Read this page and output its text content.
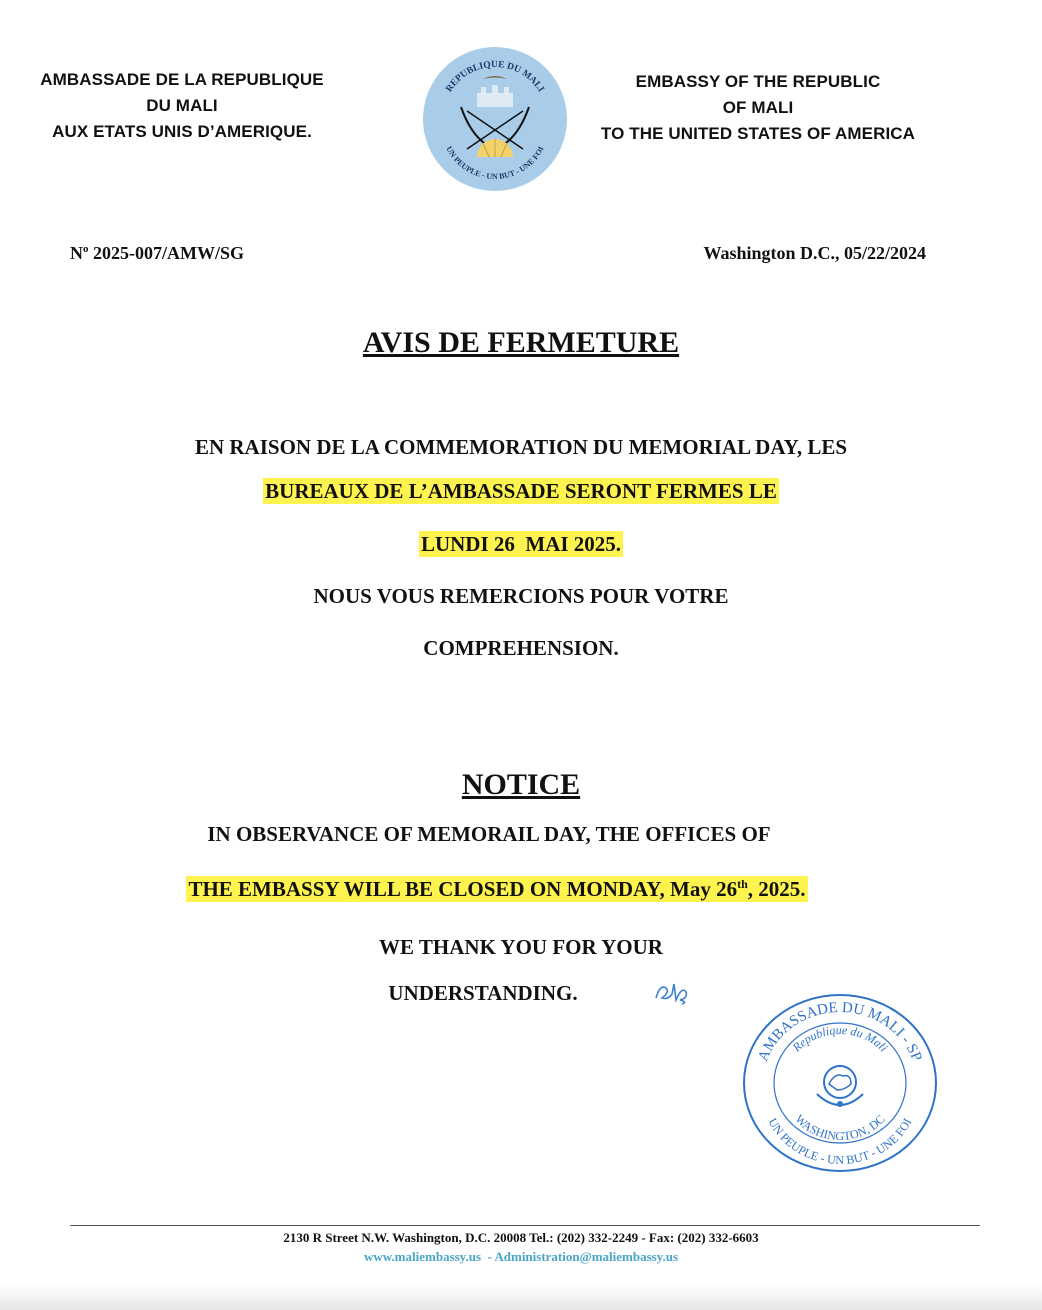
AMBASSADE DE LA REPUBLIQUE
DU MALI
AUX ETATS UNIS D’AMERIQUE.
REPUBLIQUE DU MALI
UN PEUPLE - UN BUT - UNE FOI
EMBASSY OF THE REPUBLIC
OF MALI
TO THE UNITED STATES OF AMERICA
$N^o$ 2025-007/AMW/SG	Washington D.C., 05/22/2024
AVIS DE FERMETURE
EN RAISON DE LA COMMEMORATION DU MEMORIAL DAY, LES
BUREAUX DE L’AMBASSADE SERONT FERMES LE
LUNDI 26  MAI 2025.
NOUS VOUS REMERCIONS POUR VOTRE
COMPREHENSION.
NOTICE
IN OBSERVANCE OF MEMORAIL DAY, THE OFFICES OF
THE EMBASSY WILL BE CLOSED ON MONDAY, May 26th, 2025.
WE THANK YOU FOR YOUR
UNDERSTANDING.
AMBASSADE DU MALI - SP
UN PEUPLE - UN BUT - UNE FOI
Republique du Mali
WASHINGTON, DC
2130 R Street N.W. Washington, D.C. 20008 Tel.: (202) 332-2249 - Fax: (202) 332-6603
www.maliembassy.us  - Administration@maliembassy.us
